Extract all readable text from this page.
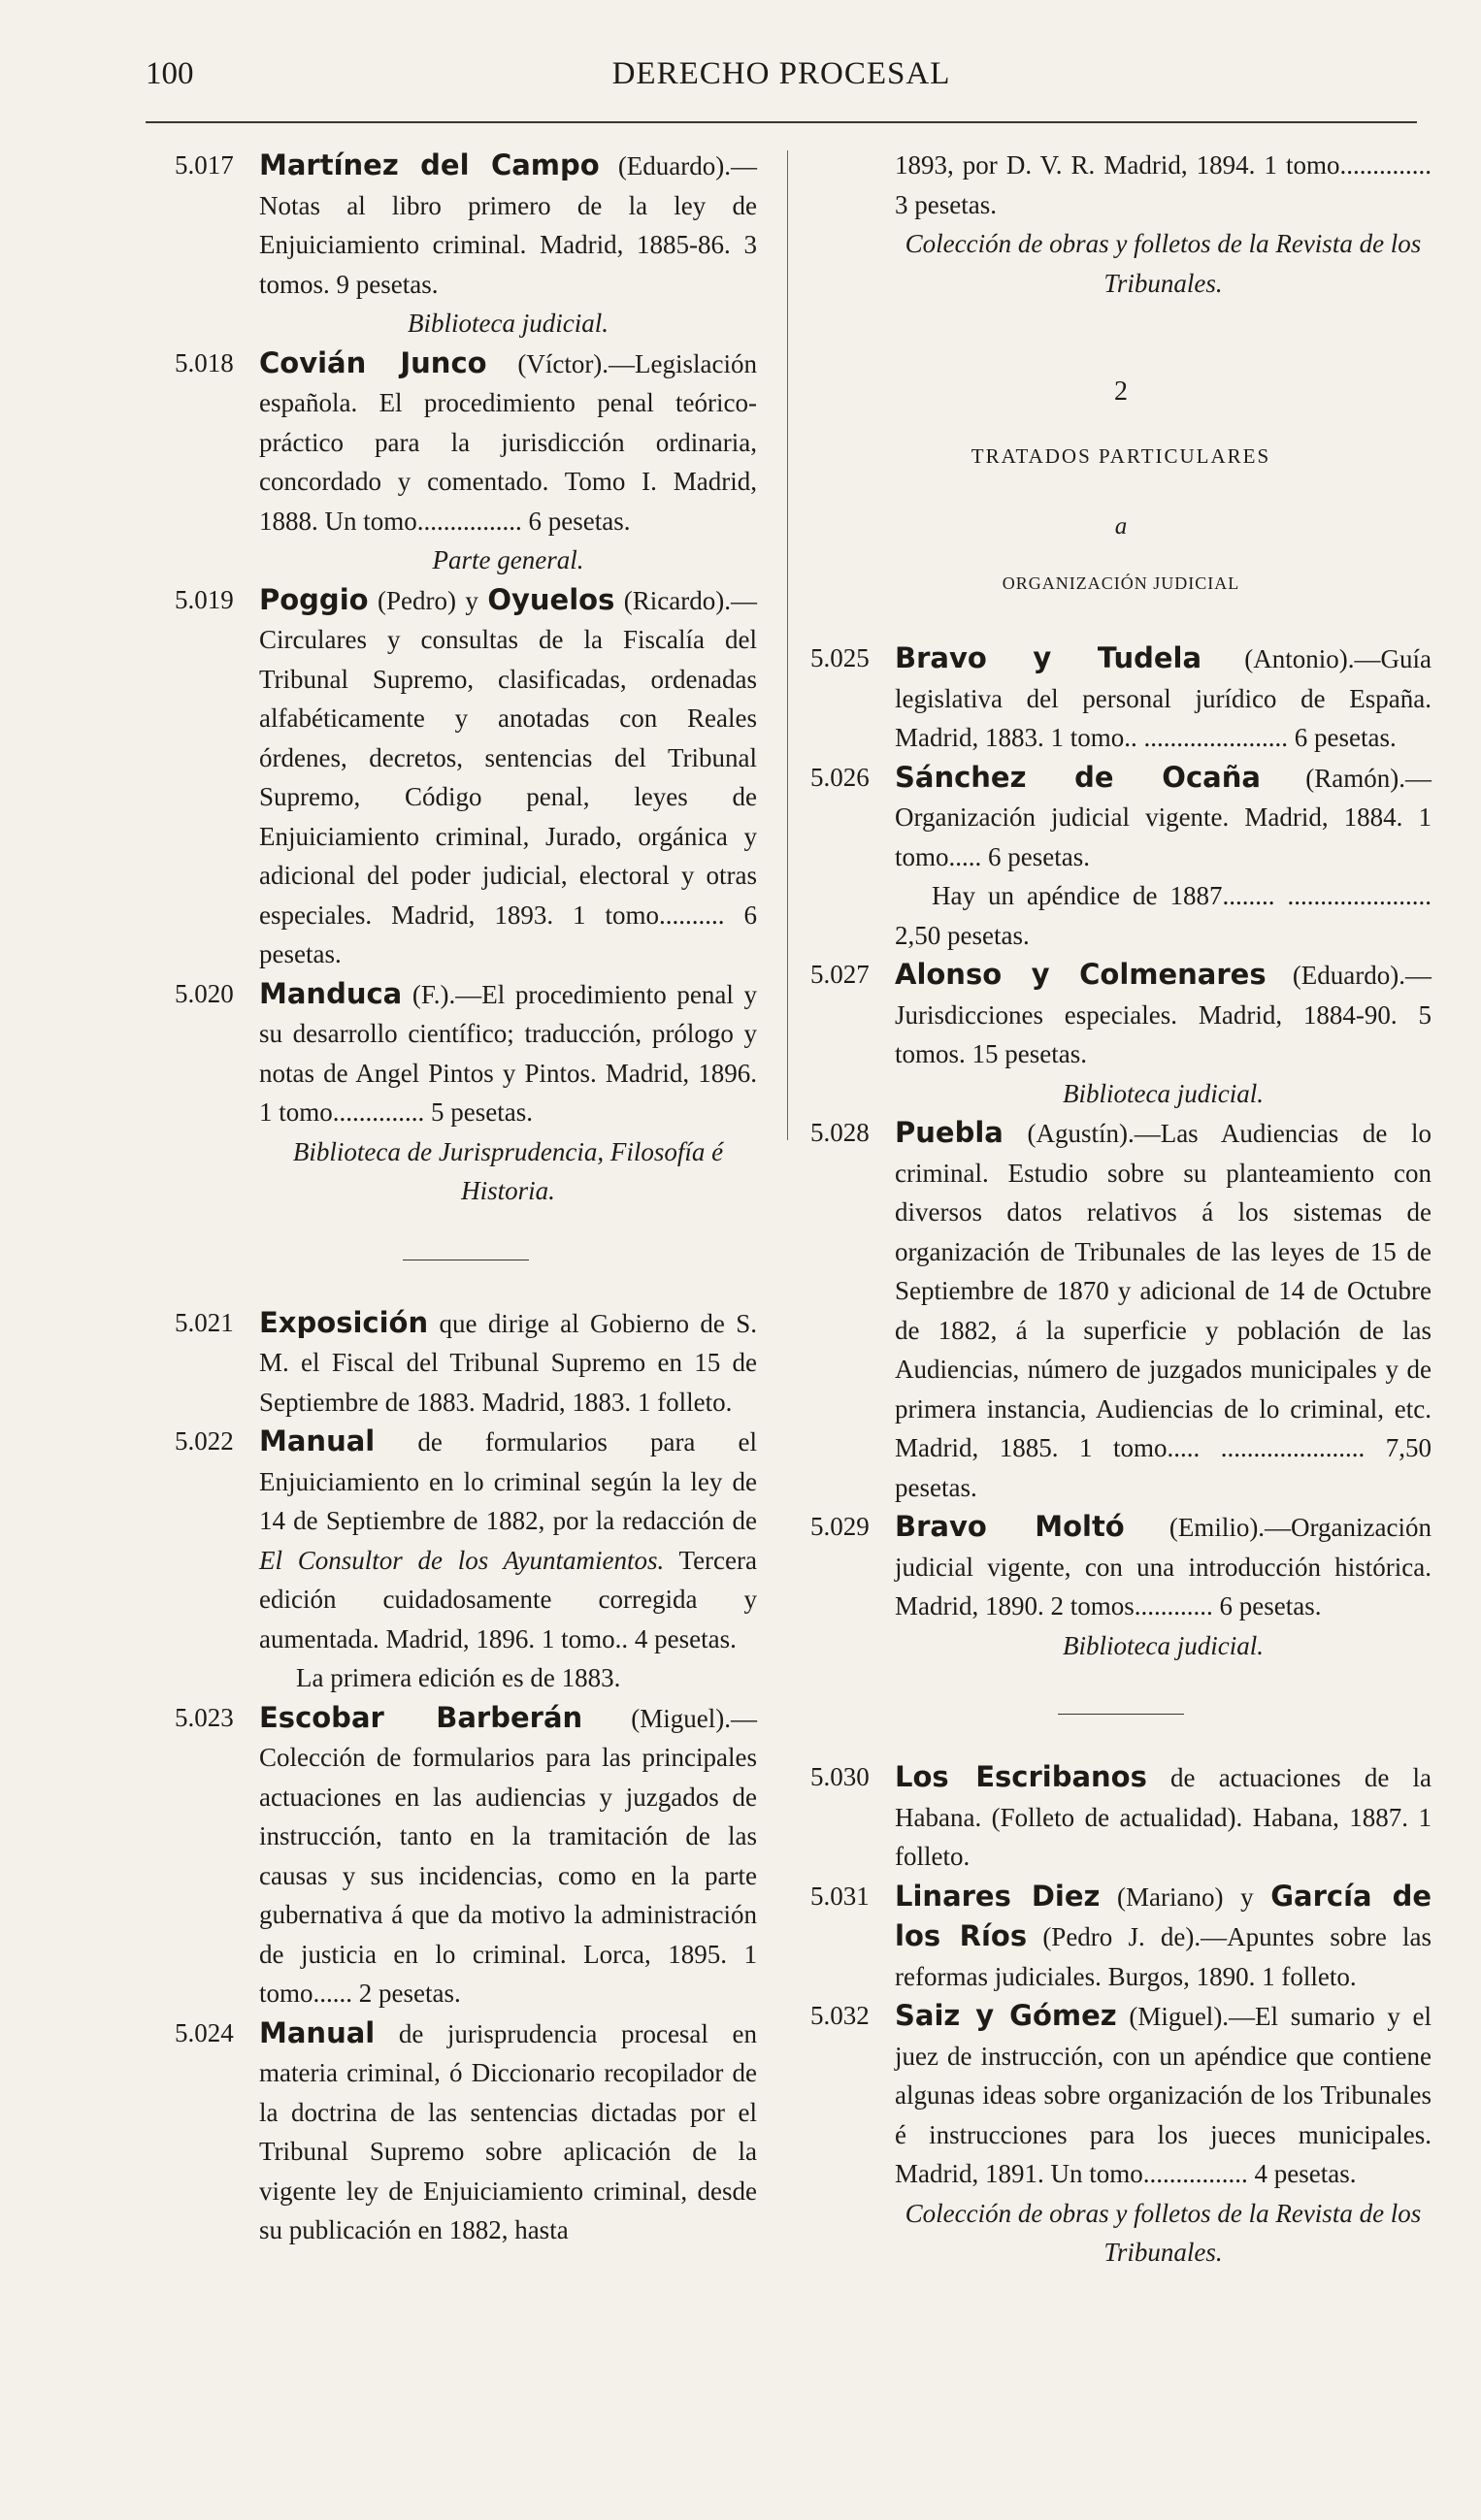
100	DERECHO PROCESAL

5.017 Martínez del Campo (Eduardo).—Notas al libro primero de la ley de Enjuiciamiento criminal. Madrid, 1885-86. 3 tomos. 9 pesetas.

Biblioteca judicial.

5.018 Covián Junco (Víctor).—Legislación española. El procedimiento penal teórico-práctico para la jurisdicción ordinaria, concordado y comentado. Tomo I. Madrid, 1888. Un tomo................ 6 pesetas.

Parte general.

5.019 Poggio (Pedro) y Oyuelos (Ricardo).—Circulares y consultas de la Fiscalía del Tribunal Supremo, clasificadas, ordenadas alfabéticamente y anotadas con Reales órdenes, decretos, sentencias del Tribunal Supremo, Código penal, leyes de Enjuiciamiento criminal, Jurado, orgánica y adicional del poder judicial, electoral y otras especiales. Madrid, 1893. 1 tomo.......... 6 pesetas.

5.020 Manduca (F.).—El procedimiento penal y su desarrollo científico; traducción, prólogo y notas de Angel Pintos y Pintos. Madrid, 1896. 1 tomo.............. 5 pesetas.

Biblioteca de Jurisprudencia, Filosofía é Historia.

5.021 Exposición que dirige al Gobierno de S. M. el Fiscal del Tribunal Supremo en 15 de Septiembre de 1883. Madrid, 1883. 1 folleto.

5.022 Manual de formularios para el Enjuiciamiento en lo criminal según la ley de 14 de Septiembre de 1882, por la redacción de El Consultor de los Ayuntamientos. Tercera edición cuidadosamente corregida y aumentada. Madrid, 1896. 1 tomo.. 4 pesetas.

La primera edición es de 1883.

5.023 Escobar Barberán (Miguel).—Colección de formularios para las principales actuaciones en las audiencias y juzgados de instrucción, tanto en la tramitación de las causas y sus incidencias, como en la parte gubernativa á que da motivo la administración de justicia en lo criminal. Lorca, 1895. 1 tomo...... 2 pesetas.

5.024 Manual de jurisprudencia procesal en materia criminal, ó Diccionario recopilador de la doctrina de las sentencias dictadas por el Tribunal Supremo sobre aplicación de la vigente ley de Enjuiciamiento criminal, desde su publicación en 1882, hasta

1893, por D. V. R. Madrid, 1894. 1 tomo.............. 3 pesetas.

Colección de obras y folletos de la Revista de los Tribunales.

2
TRATADOS PARTICULARES
a
ORGANIZACIÓN JUDICIAL

5.025 Bravo y Tudela (Antonio).—Guía legislativa del personal jurídico de España. Madrid, 1883. 1 tomo.. ...................... 6 pesetas.

5.026 Sánchez de Ocaña (Ramón).—Organización judicial vigente. Madrid, 1884. 1 tomo..... 6 pesetas.

Hay un apéndice de 1887........ ...................... 2,50 pesetas.

5.027 Alonso y Colmenares (Eduardo).—Jurisdicciones especiales. Madrid, 1884-90. 5 tomos. 15 pesetas.

Biblioteca judicial.

5.028 Puebla (Agustín).—Las Audiencias de lo criminal. Estudio sobre su planteamiento con diversos datos relativos á los sistemas de organización de Tribunales de las leyes de 15 de Septiembre de 1870 y adicional de 14 de Octubre de 1882, á la superficie y población de las Audiencias, número de juzgados municipales y de primera instancia, Audiencias de lo criminal, etc. Madrid, 1885. 1 tomo..... ...................... 7,50 pesetas.

5.029 Bravo Moltó (Emilio).—Organización judicial vigente, con una introducción histórica. Madrid, 1890. 2 tomos............ 6 pesetas.

Biblioteca judicial.

5.030 Los Escribanos de actuaciones de la Habana. (Folleto de actualidad). Habana, 1887. 1 folleto.

5.031 Linares Diez (Mariano) y García de los Ríos (Pedro J. de).—Apuntes sobre las reformas judiciales. Burgos, 1890. 1 folleto.

5.032 Saiz y Gómez (Miguel).—El sumario y el juez de instrucción, con un apéndice que contiene algunas ideas sobre organización de los Tribunales é instrucciones para los jueces municipales. Madrid, 1891. Un tomo................ 4 pesetas.

Colección de obras y folletos de la Revista de los Tribunales.
